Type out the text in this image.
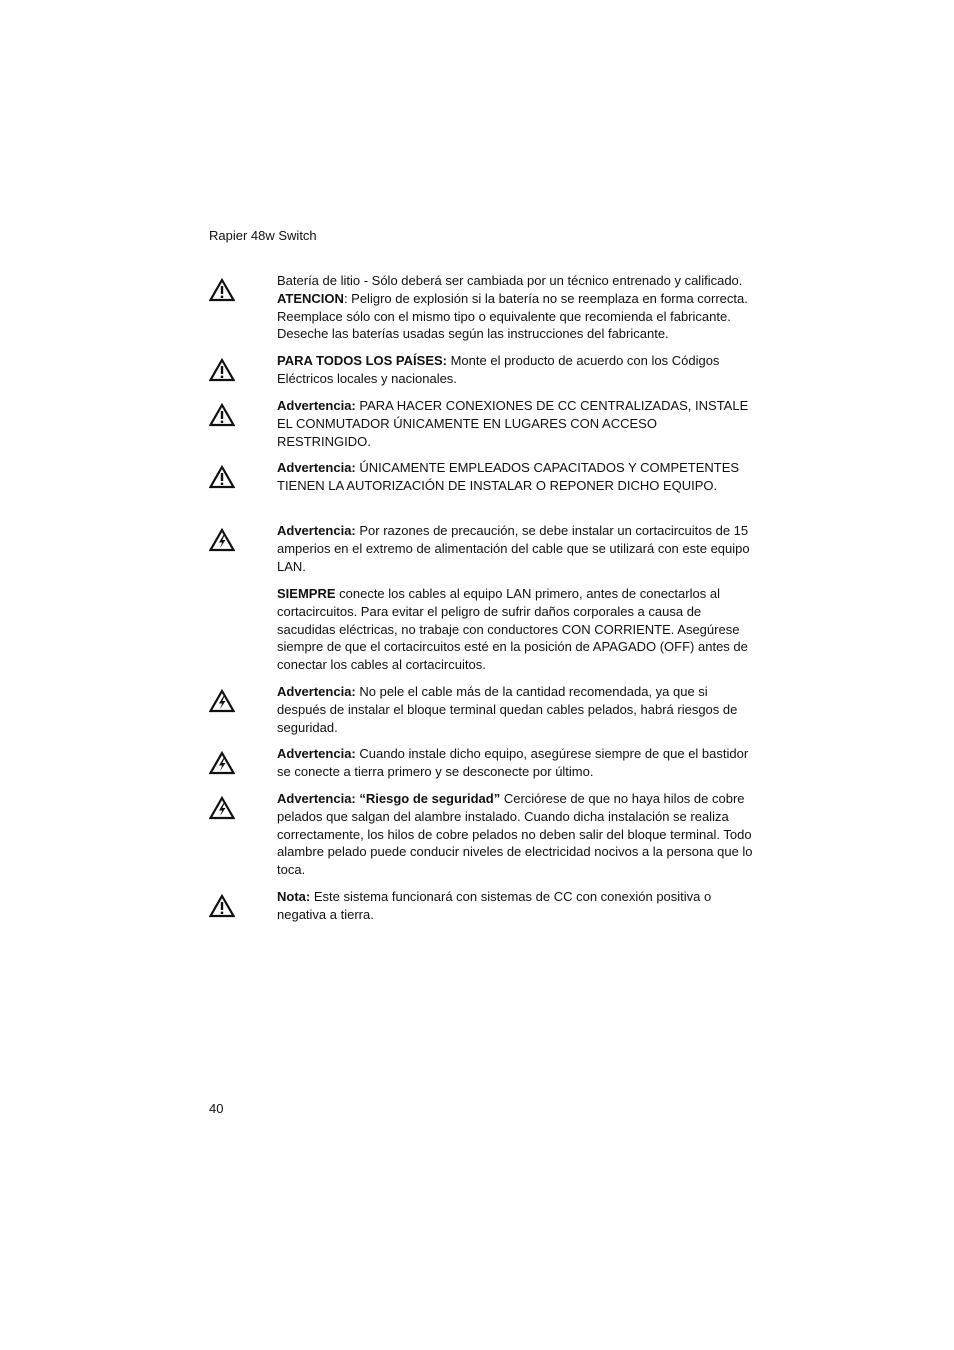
Rapier 48w Switch
Batería de litio - Sólo deberá ser cambiada por un técnico entrenado y calificado.
ATENCION: Peligro de explosión si la batería no se reemplaza en forma correcta. Reemplace sólo con el mismo tipo o equivalente que recomienda el fabricante. Deseche las baterías usadas según las instrucciones del fabricante.
PARA TODOS LOS PAÍSES: Monte el producto de acuerdo con los Códigos Eléctricos locales y nacionales.
Advertencia: PARA HACER CONEXIONES DE CC CENTRALIZADAS, INSTALE EL CONMUTADOR ÚNICAMENTE EN LUGARES CON ACCESO RESTRINGIDO.
Advertencia: ÚNICAMENTE EMPLEADOS CAPACITADOS Y COMPETENTES TIENEN LA AUTORIZACIÓN DE INSTALAR O REPONER DICHO EQUIPO.
Advertencia: Por razones de precaución, se debe instalar un cortacircuitos de 15 amperios en el extremo de alimentación del cable que se utilizará con este equipo LAN.
SIEMPRE conecte los cables al equipo LAN primero, antes de conectarlos al cortacircuitos. Para evitar el peligro de sufrir daños corporales a causa de sacudidas eléctricas, no trabaje con conductores CON CORRIENTE. Asegúrese siempre de que el cortacircuitos esté en la posición de APAGADO (OFF) antes de conectar los cables al cortacircuitos.
Advertencia: No pele el cable más de la cantidad recomendada, ya que si después de instalar el bloque terminal quedan cables pelados, habrá riesgos de seguridad.
Advertencia: Cuando instale dicho equipo, asegúrese siempre de que el bastidor se conecte a tierra primero y se desconecte por último.
Advertencia: “Riesgo de seguridad” Cerciórese de que no haya hilos de cobre pelados que salgan del alambre instalado. Cuando dicha instalación se realiza correctamente, los hilos de cobre pelados no deben salir del bloque terminal. Todo alambre pelado puede conducir niveles de electricidad nocivos a la persona que lo toca.
Nota: Este sistema funcionará con sistemas de CC con conexión positiva o negativa a tierra.
40
